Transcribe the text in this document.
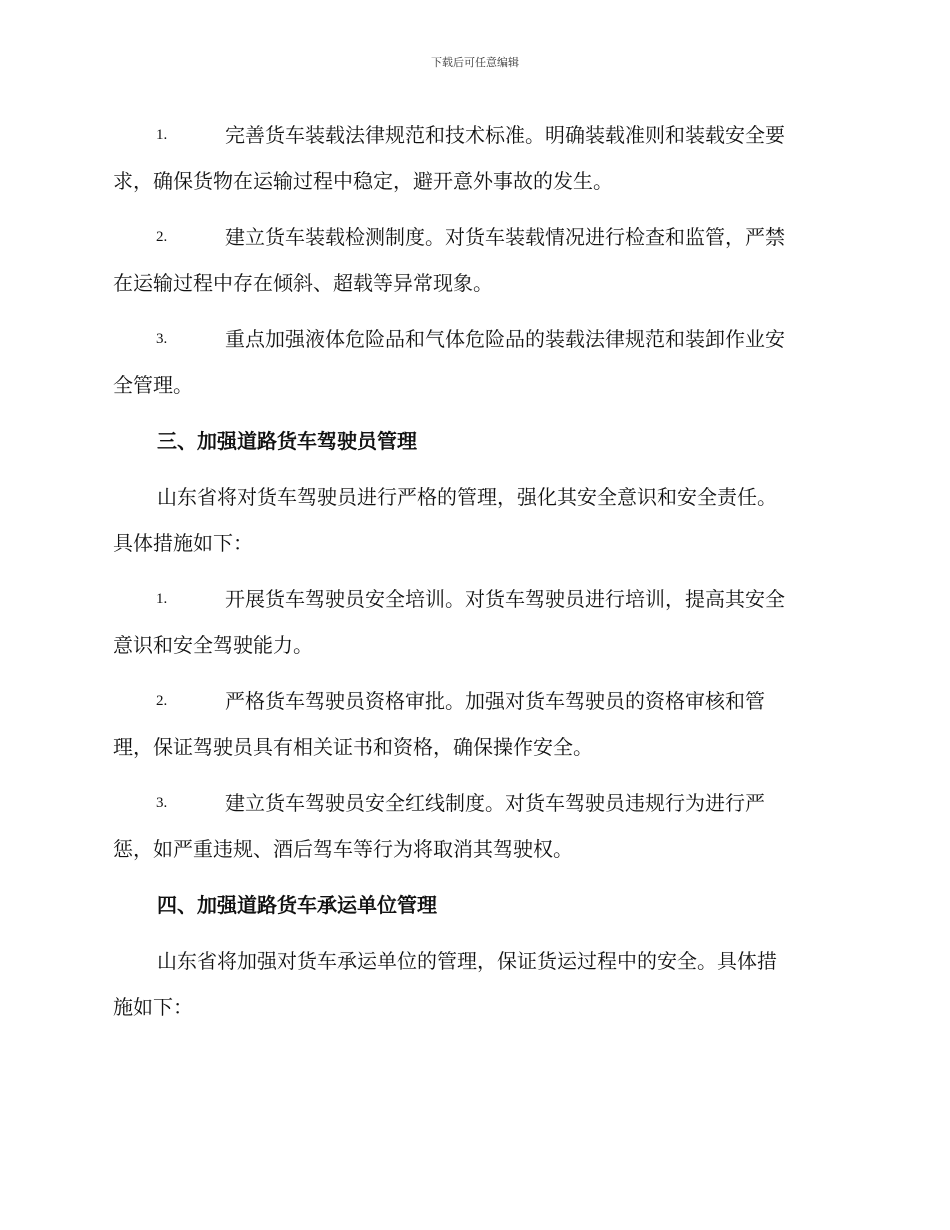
下载后可任意编辑
1.	完善货车装载法律规范和技术标准。明确装载准则和装载安全要
求，确保货物在运输过程中稳定，避开意外事故的发生。
2.	建立货车装载检测制度。对货车装载情况进行检查和监管，严禁
在运输过程中存在倾斜、超载等异常现象。
3.	重点加强液体危险品和气体危险品的装载法律规范和装卸作业安
全管理。
三、加强道路货车驾驶员管理
山东省将对货车驾驶员进行严格的管理，强化其安全意识和安全责任。
具体措施如下：
1.	开展货车驾驶员安全培训。对货车驾驶员进行培训，提高其安全
意识和安全驾驶能力。
2.	严格货车驾驶员资格审批。加强对货车驾驶员的资格审核和管
理，保证驾驶员具有相关证书和资格，确保操作安全。
3.	建立货车驾驶员安全红线制度。对货车驾驶员违规行为进行严
惩，如严重违规、酒后驾车等行为将取消其驾驶权。
四、加强道路货车承运单位管理
山东省将加强对货车承运单位的管理，保证货运过程中的安全。具体措
施如下：
